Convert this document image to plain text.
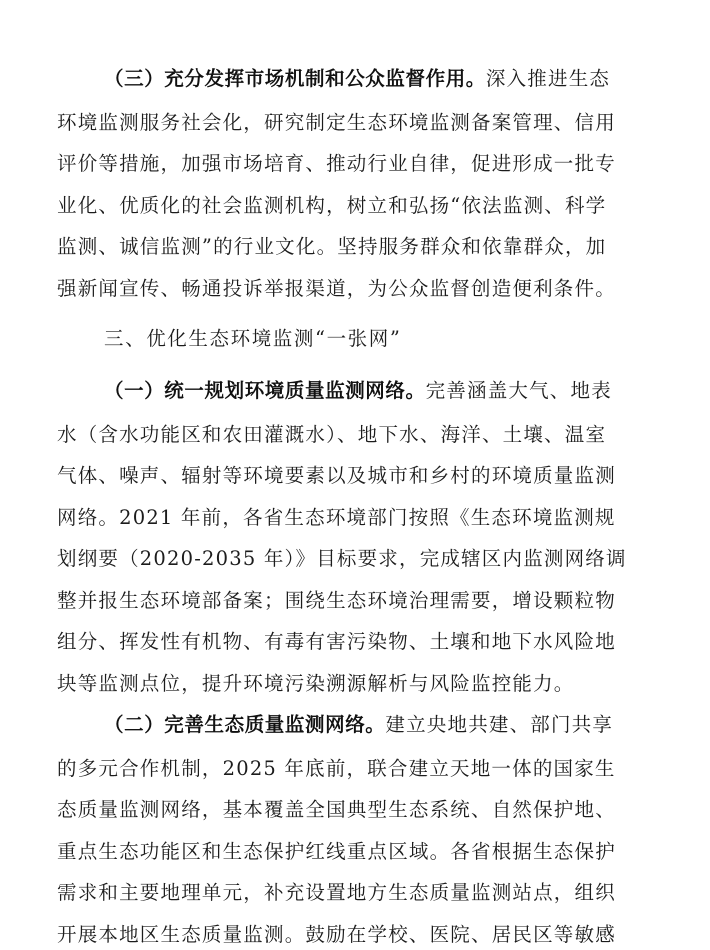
（三）充分发挥市场机制和公众监督作用。深入推进生态
环境监测服务社会化，研究制定生态环境监测备案管理、信用
评价等措施，加强市场培育、推动行业自律，促进形成一批专
业化、优质化的社会监测机构，树立和弘扬“依法监测、科学
监测、诚信监测”的行业文化。坚持服务群众和依靠群众，加
强新闻宣传、畅通投诉举报渠道，为公众监督创造便利条件。
三、优化生态环境监测“一张网”
（一）统一规划环境质量监测网络。完善涵盖大气、地表
水（含水功能区和农田灌溉水）、地下水、海洋、土壤、温室
气体、噪声、辐射等环境要素以及城市和乡村的环境质量监测
网络。2021 年前，各省生态环境部门按照《生态环境监测规
划纲要（2020-2035 年）》目标要求，完成辖区内监测网络调
整并报生态环境部备案；围绕生态环境治理需要，增设颗粒物
组分、挥发性有机物、有毒有害污染物、土壤和地下水风险地
块等监测点位，提升环境污染溯源解析与风险监控能力。
（二）完善生态质量监测网络。建立央地共建、部门共享
的多元合作机制，2025 年底前，联合建立天地一体的国家生
态质量监测网络，基本覆盖全国典型生态系统、自然保护地、
重点生态功能区和生态保护红线重点区域。各省根据生态保护
需求和主要地理单元，补充设置地方生态质量监测站点，组织
开展本地区生态质量监测。鼓励在学校、医院、居民区等敏感
